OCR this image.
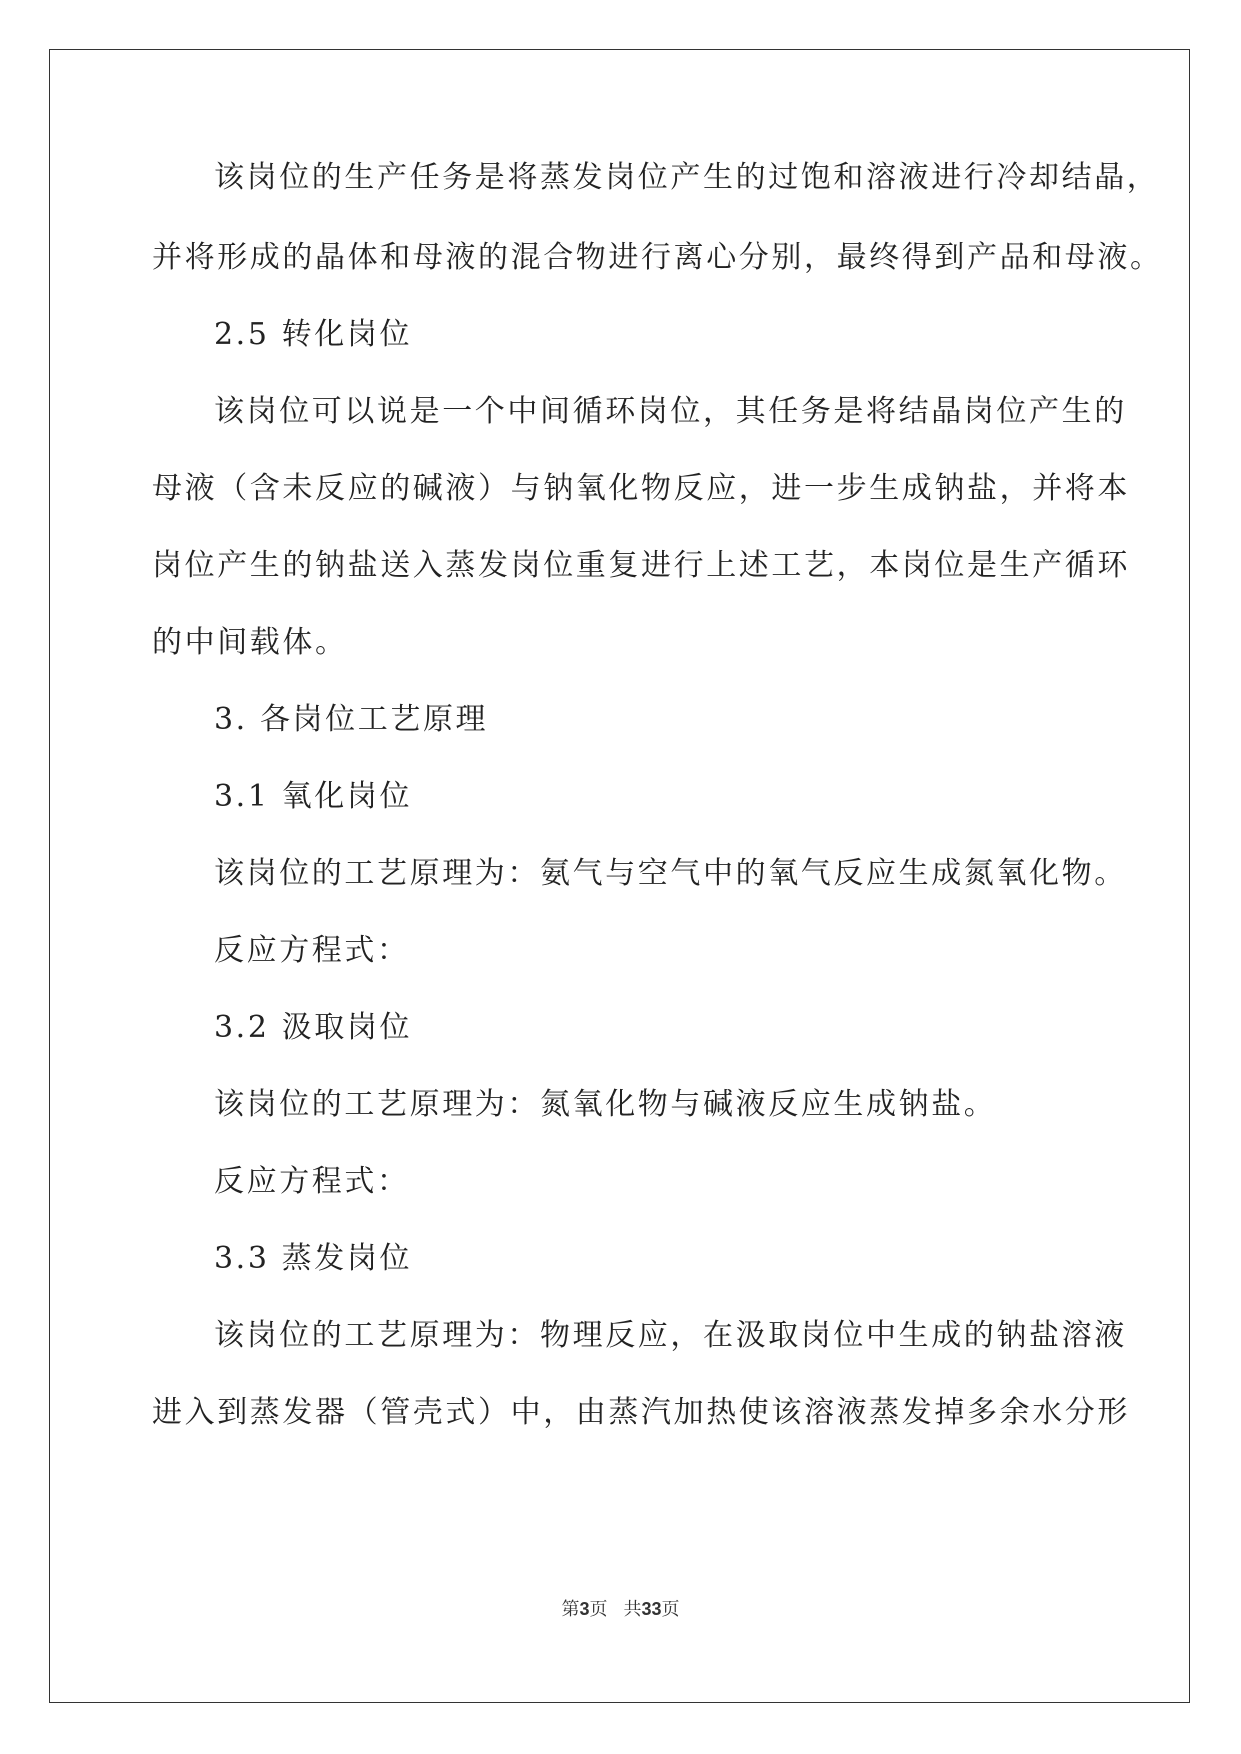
该岗位的生产任务是将蒸发岗位产生的过饱和溶液进行冷却结晶，
并将形成的晶体和母液的混合物进行离心分别，最终得到产品和母液。
2.5 转化岗位
该岗位可以说是一个中间循环岗位，其任务是将结晶岗位产生的
母液（含未反应的碱液）与钠氧化物反应，进一步生成钠盐，并将本
岗位产生的钠盐送入蒸发岗位重复进行上述工艺，本岗位是生产循环
的中间载体。
3. 各岗位工艺原理
3.1 氧化岗位
该岗位的工艺原理为：氨气与空气中的氧气反应生成氮氧化物。
反应方程式：
3.2 汲取岗位
该岗位的工艺原理为：氮氧化物与碱液反应生成钠盐。
反应方程式：
3.3 蒸发岗位
该岗位的工艺原理为：物理反应，在汲取岗位中生成的钠盐溶液
进入到蒸发器（管壳式）中，由蒸汽加热使该溶液蒸发掉多余水分形
第3页 共33页
